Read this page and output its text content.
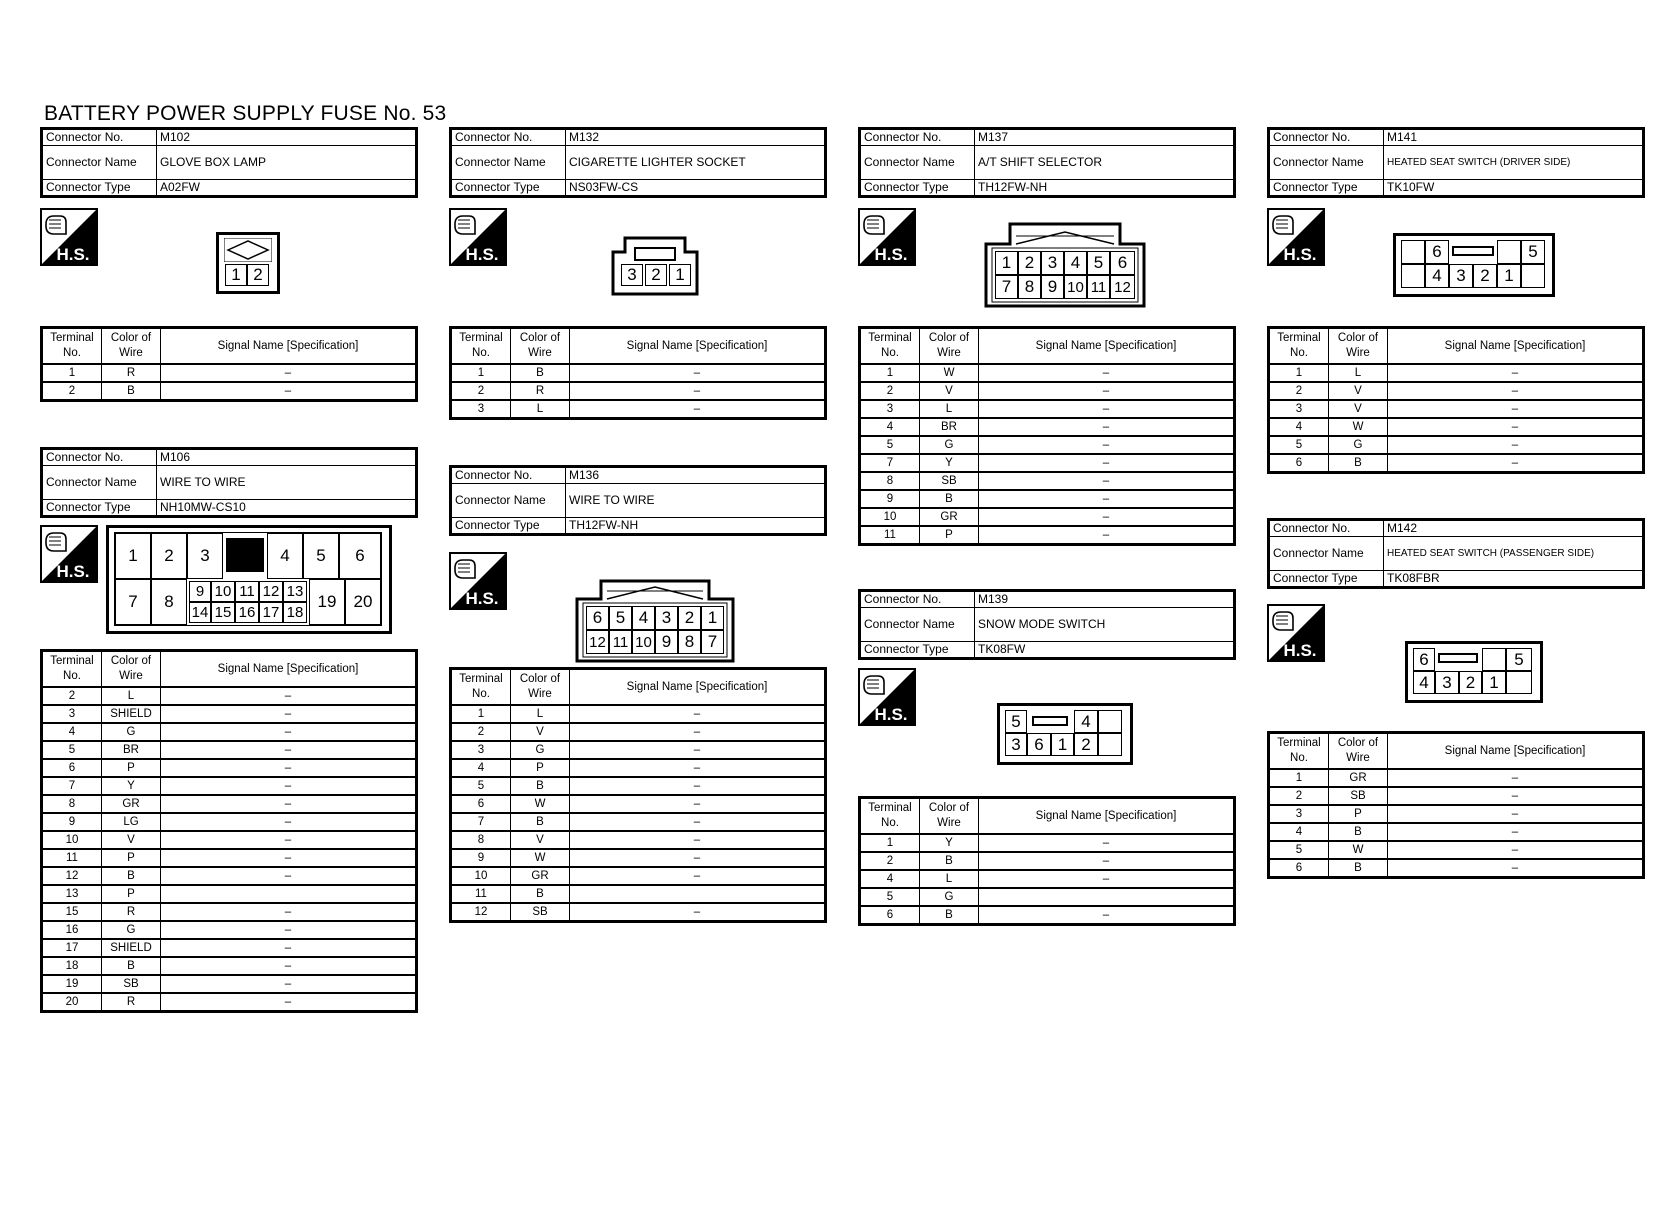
BATTERY POWER SUPPLY FUSE No. 53
Connector No.	M102
Connector Name	GLOVE BOX LAMP
Connector Type	A02FW
H.S.
1 2
Terminal No.	Color of Wire	Signal Name [Specification]
1	R	–
2	B	–
Connector No.	M106
Connector Name	WIRE TO WIRE
Connector Type	NH10MW-CS10
H.S.
1	2	3	4	5	6
7	8
9 10 11 12 13
14 15 16 17 18
19	20
Terminal No.	Color of Wire	Signal Name [Specification]
2	L	–
3	SHIELD	–
4	G	–
5	BR	–
6	P	–
7	Y	–
8	GR	–
9	LG	–
10	V	–
11	P	–
12	B	–
13	P	
15	R	–
16	G	–
17	SHIELD	–
18	B	–
19	SB	–
20	R	–
Connector No.	M132
Connector Name	CIGARETTE LIGHTER SOCKET
Connector Type	NS03FW-CS
H.S.
3 2 1
Terminal No.	Color of Wire	Signal Name [Specification]
1	B	–
2	R	–
3	L	–
Connector No.	M136
Connector Name	WIRE TO WIRE
Connector Type	TH12FW-NH
H.S.
6 5 4 3 2 1
12 11 10 9 8 7
Terminal No.	Color of Wire	Signal Name [Specification]
1	L	–
2	V	–
3	G	–
4	P	–
5	B	–
6	W	–
7	B	–
8	V	–
9	W	–
10	GR	–
11	B	
12	SB	–
Connector No.	M137
Connector Name	A/T SHIFT SELECTOR
Connector Type	TH12FW-NH
H.S.	1 2 3 4 5 6
7 8 9 10 11 12
Terminal No.	Color of Wire	Signal Name [Specification]
1	W	–
2	V	–
3	L	–
4	BR	–
5	G	–
7	Y	–
8	SB	–
9	B	–
10	GR	–
11	P	–
Connector No.	M139
Connector Name	SNOW MODE SWITCH
Connector Type	TK08FW
H.S.	5	4
3 6 1 2
Terminal No.	Color of Wire	Signal Name [Specification]
1	Y	–
2	B	–
4	L	–
5	G	
6	B	–
Connector No.	M141
Connector Name	HEATED SEAT SWITCH (DRIVER SIDE)
Connector Type	TK10FW
H.S.	6	5
4 3 2 1
Terminal No.	Color of Wire	Signal Name [Specification]
1	L	–
2	V	–
3	V	–
4	W	–
5	G	–
6	B	–
Connector No.	M142
Connector Name	HEATED SEAT SWITCH (PASSENGER SIDE)
Connector Type	TK08FBR
H.S.	6	5
4 3 2 1
Terminal No.	Color of Wire	Signal Name [Specification]
1	GR	–
2	SB	–
3	P	–
4	B	–
5	W	–
6	B	–
